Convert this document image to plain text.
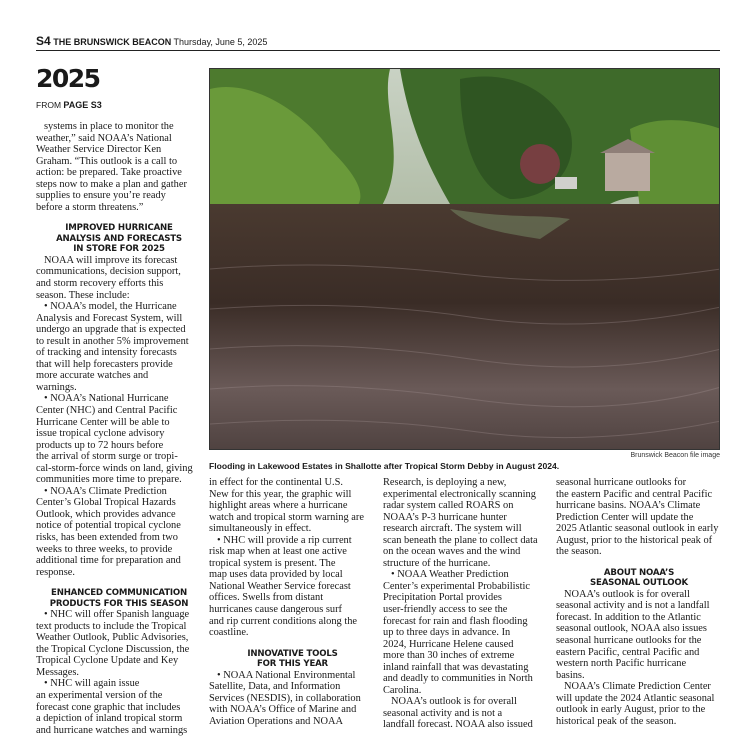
S4 THE BRUNSWICK BEACON Thursday, June 5, 2025
2025
FROM PAGE S3
Brunswick Beacon file image
Flooding in Lakewood Estates in Shallotte after Tropical Storm Debby in August 2024.
systems in place to monitor the
weather,” said NOAA’s National
Weather Service Director Ken
Graham. “This outlook is a call to
action: be prepared. Take proactive
steps now to make a plan and gather
supplies to ensure you’re ready
before a storm threatens.”
IMPROVED HURRICANE
ANALYSIS AND FORECASTS
IN STORE FOR 2025
NOAA will improve its forecast
communications, decision support,
and storm recovery efforts this
season. These include:
• NOAA’s model, the Hurricane
Analysis and Forecast System, will
undergo an upgrade that is expected
to result in another 5% improvement
of tracking and intensity forecasts
that will help forecasters provide
more accurate watches and
warnings.
• NOAA’s National Hurricane
Center (NHC) and Central Pacific
Hurricane Center will be able to
issue tropical cyclone advisory
products up to 72 hours before
the arrival of storm surge or tropi-
cal-storm-force winds on land, giving
communities more time to prepare.
• NOAA’s Climate Prediction
Center’s Global Tropical Hazards
Outlook, which provides advance
notice of potential tropical cyclone
risks, has been extended from two
weeks to three weeks, to provide
additional time for preparation and
response.
ENHANCED COMMUNICATION
PRODUCTS FOR THIS SEASON
• NHC will offer Spanish language
text products to include the Tropical
Weather Outlook, Public Advisories,
the Tropical Cyclone Discussion, the
Tropical Cyclone Update and Key
Messages.
• NHC will again issue
an experimental version of the
forecast cone graphic that includes
a depiction of inland tropical storm
and hurricane watches and warnings
in effect for the continental U.S.
New for this year, the graphic will
highlight areas where a hurricane
watch and tropical storm warning are
simultaneously in effect.
• NHC will provide a rip current
risk map when at least one active
tropical system is present. The
map uses data provided by local
National Weather Service forecast
offices. Swells from distant
hurricanes cause dangerous surf
and rip current conditions along the
coastline.
INNOVATIVE TOOLS
FOR THIS YEAR
• NOAA National Environmental
Satellite, Data, and Information
Services (NESDIS), in collaboration
with NOAA’s Office of Marine and
Aviation Operations and NOAA
Research, is deploying a new,
experimental electronically scanning
radar system called ROARS on
NOAA’s P-3 hurricane hunter
research aircraft. The system will
scan beneath the plane to collect data
on the ocean waves and the wind
structure of the hurricane.
• NOAA Weather Prediction
Center’s experimental Probabilistic
Precipitation Portal provides
user-friendly access to see the
forecast for rain and flash flooding
up to three days in advance. In
2024, Hurricane Helene caused
more than 30 inches of extreme
inland rainfall that was devastating
and deadly to communities in North
Carolina.
NOAA’s outlook is for overall
seasonal activity and is not a
landfall forecast. NOAA also issued
seasonal hurricane outlooks for
the eastern Pacific and central Pacific
hurricane basins. NOAA’s Climate
Prediction Center will update the
2025 Atlantic seasonal outlook in early
August, prior to the historical peak of
the season.
ABOUT NOAA’S
SEASONAL OUTLOOK
NOAA’s outlook is for overall
seasonal activity and is not a landfall
forecast. In addition to the Atlantic
seasonal outlook, NOAA also issues
seasonal hurricane outlooks for the
eastern Pacific, central Pacific and
western north Pacific hurricane
basins.
NOAA’s Climate Prediction Center
will update the 2024 Atlantic seasonal
outlook in early August, prior to the
historical peak of the season.
